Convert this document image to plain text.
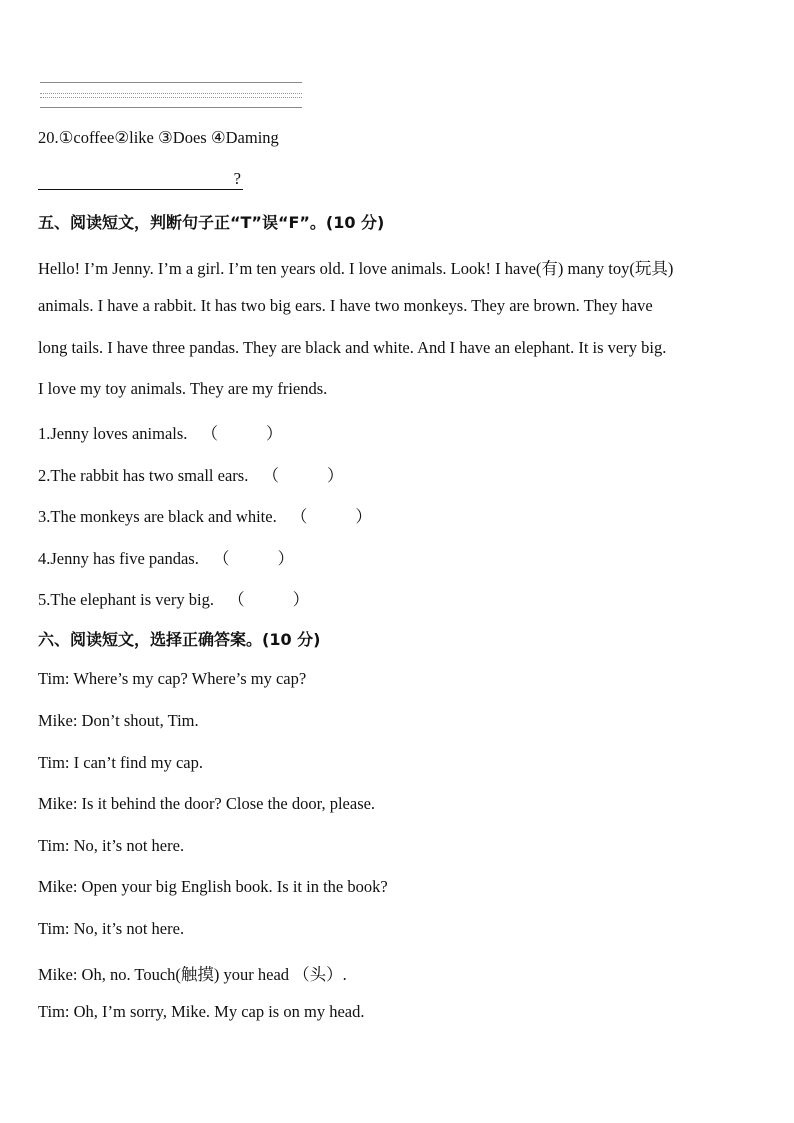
20.①coffee②like ③Does ④Daming
?
五、阅读短文，判断句子正“T”误“F”。(10 分)
Hello! I’m Jenny. I’m a girl. I’m ten years old. I love animals. Look! I have(有) many toy(玩具)
animals. I have a rabbit. It has two big ears. I have two monkeys. They are brown. They have
long tails. I have three pandas. They are black and white. And I have an elephant. It is very big.
I love my toy animals. They are my friends.
1.Jenny loves animals. （	）
2.The rabbit has two small ears. （	）
3.The monkeys are black and white. （	）
4.Jenny has five pandas. （	）
5.The elephant is very big. （	）
六、阅读短文，选择正确答案。(10 分)
Tim: Where’s my cap? Where’s my cap?
Mike: Don’t shout, Tim.
Tim: I can’t find my cap.
Mike: Is it behind the door? Close the door, please.
Tim: No, it’s not here.
Mike: Open your big English book. Is it in the book?
Tim: No, it’s not here.
Mike: Oh, no. Touch(触摸) your head （头）.
Tim: Oh, I’m sorry, Mike. My cap is on my head.
